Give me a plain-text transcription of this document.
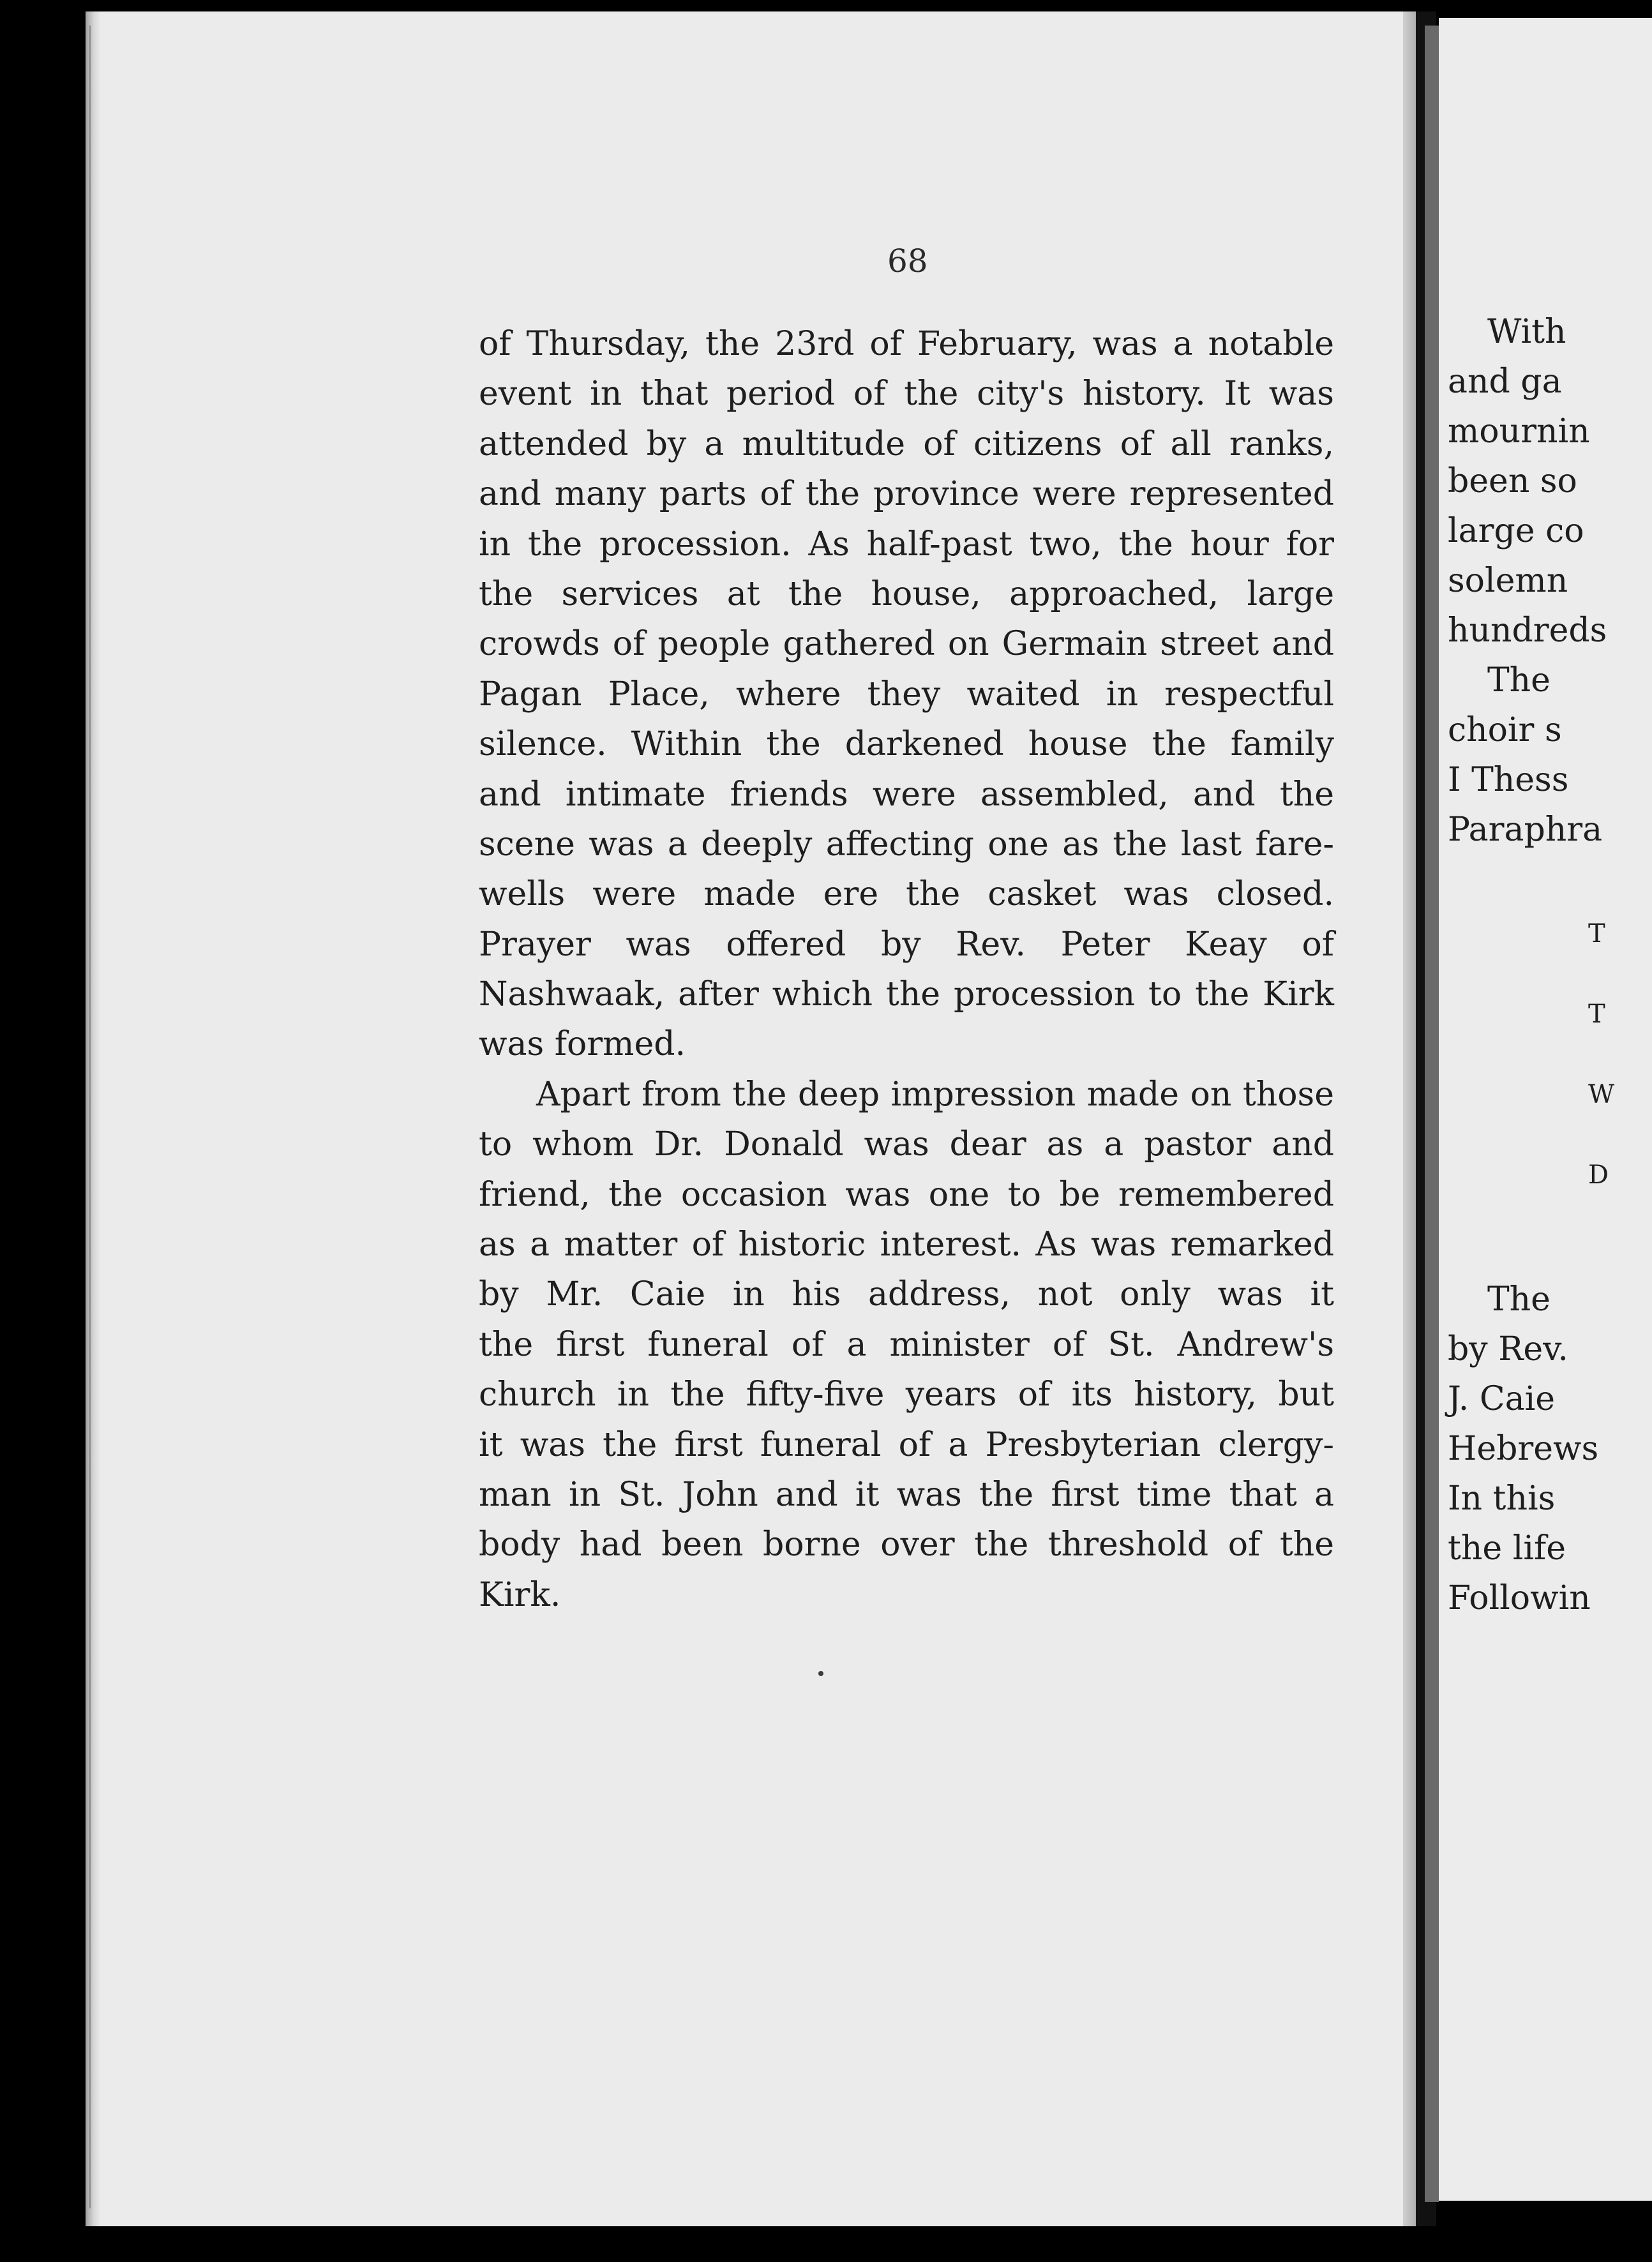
68
of Thursday, the 23rd of February, was a notable
event in that period of the city's history. It was
attended by a multitude of citizens of all ranks,
and many parts of the province were represented
in the procession. As half-past two, the hour for
the services at the house, approached, large
crowds of people gathered on Germain street and
Pagan Place, where they waited in respectful
silence. Within the darkened house the family
and intimate friends were assembled, and the
scene was a deeply affecting one as the last fare-
wells were made ere the casket was closed.
Prayer was offered by Rev. Peter Keay of
Nashwaak, after which the procession to the Kirk
was formed.
Apart from the deep impression made on those
to whom Dr. Donald was dear as a pastor and
friend, the occasion was one to be remembered
as a matter of historic interest. As was remarked
by Mr. Caie in his address, not only was it
the first funeral of a minister of St. Andrew's
church in the fifty-five years of its history, but
it was the first funeral of a Presbyterian clergy-
man in St. John and it was the first time that a
body had been borne over the threshold of the
Kirk.
With
and ga
mournin
been so
large co
solemn
hundreds
The
choir s
I Thess
Paraphra
T
T
W
D
The
by Rev.
J. Caie
Hebrews
In this
the life
Followin
